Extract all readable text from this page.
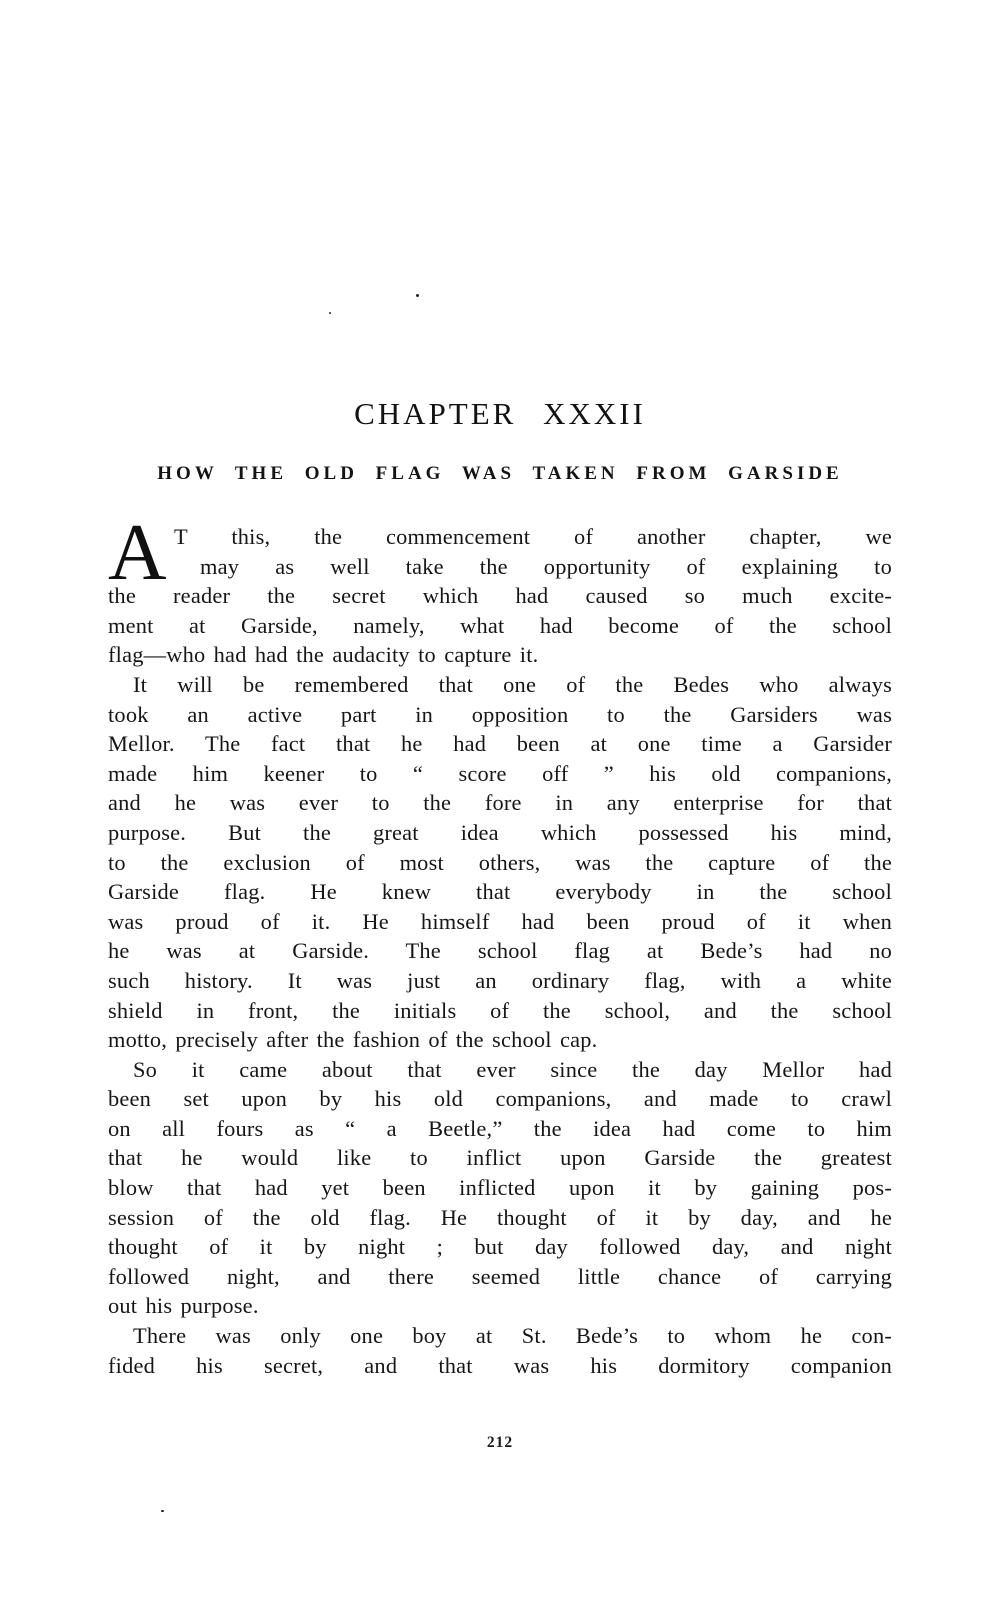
CHAPTER XXXII
HOW THE OLD FLAG WAS TAKEN FROM GARSIDE
A T this, the commencement of another chapter, we
may as well take the opportunity of explaining to
the reader the secret which had caused so much excite-
ment at Garside, namely, what had become of the school
flag—who had had the audacity to capture it.
It will be remembered that one of the Bedes who always
took an active part in opposition to the Garsiders was
Mellor. The fact that he had been at one time a Garsider
made him keener to “ score off ” his old companions,
and he was ever to the fore in any enterprise for that
purpose. But the great idea which possessed his mind,
to the exclusion of most others, was the capture of the
Garside flag. He knew that everybody in the school
was proud of it. He himself had been proud of it when
he was at Garside. The school flag at Bede’s had no
such history. It was just an ordinary flag, with a white
shield in front, the initials of the school, and the school
motto, precisely after the fashion of the school cap.
So it came about that ever since the day Mellor had
been set upon by his old companions, and made to crawl
on all fours as “ a Beetle,” the idea had come to him
that he would like to inflict upon Garside the greatest
blow that had yet been inflicted upon it by gaining pos-
session of the old flag. He thought of it by day, and he
thought of it by night ; but day followed day, and night
followed night, and there seemed little chance of carrying
out his purpose.
There was only one boy at St. Bede’s to whom he con-
fided his secret, and that was his dormitory companion
212
